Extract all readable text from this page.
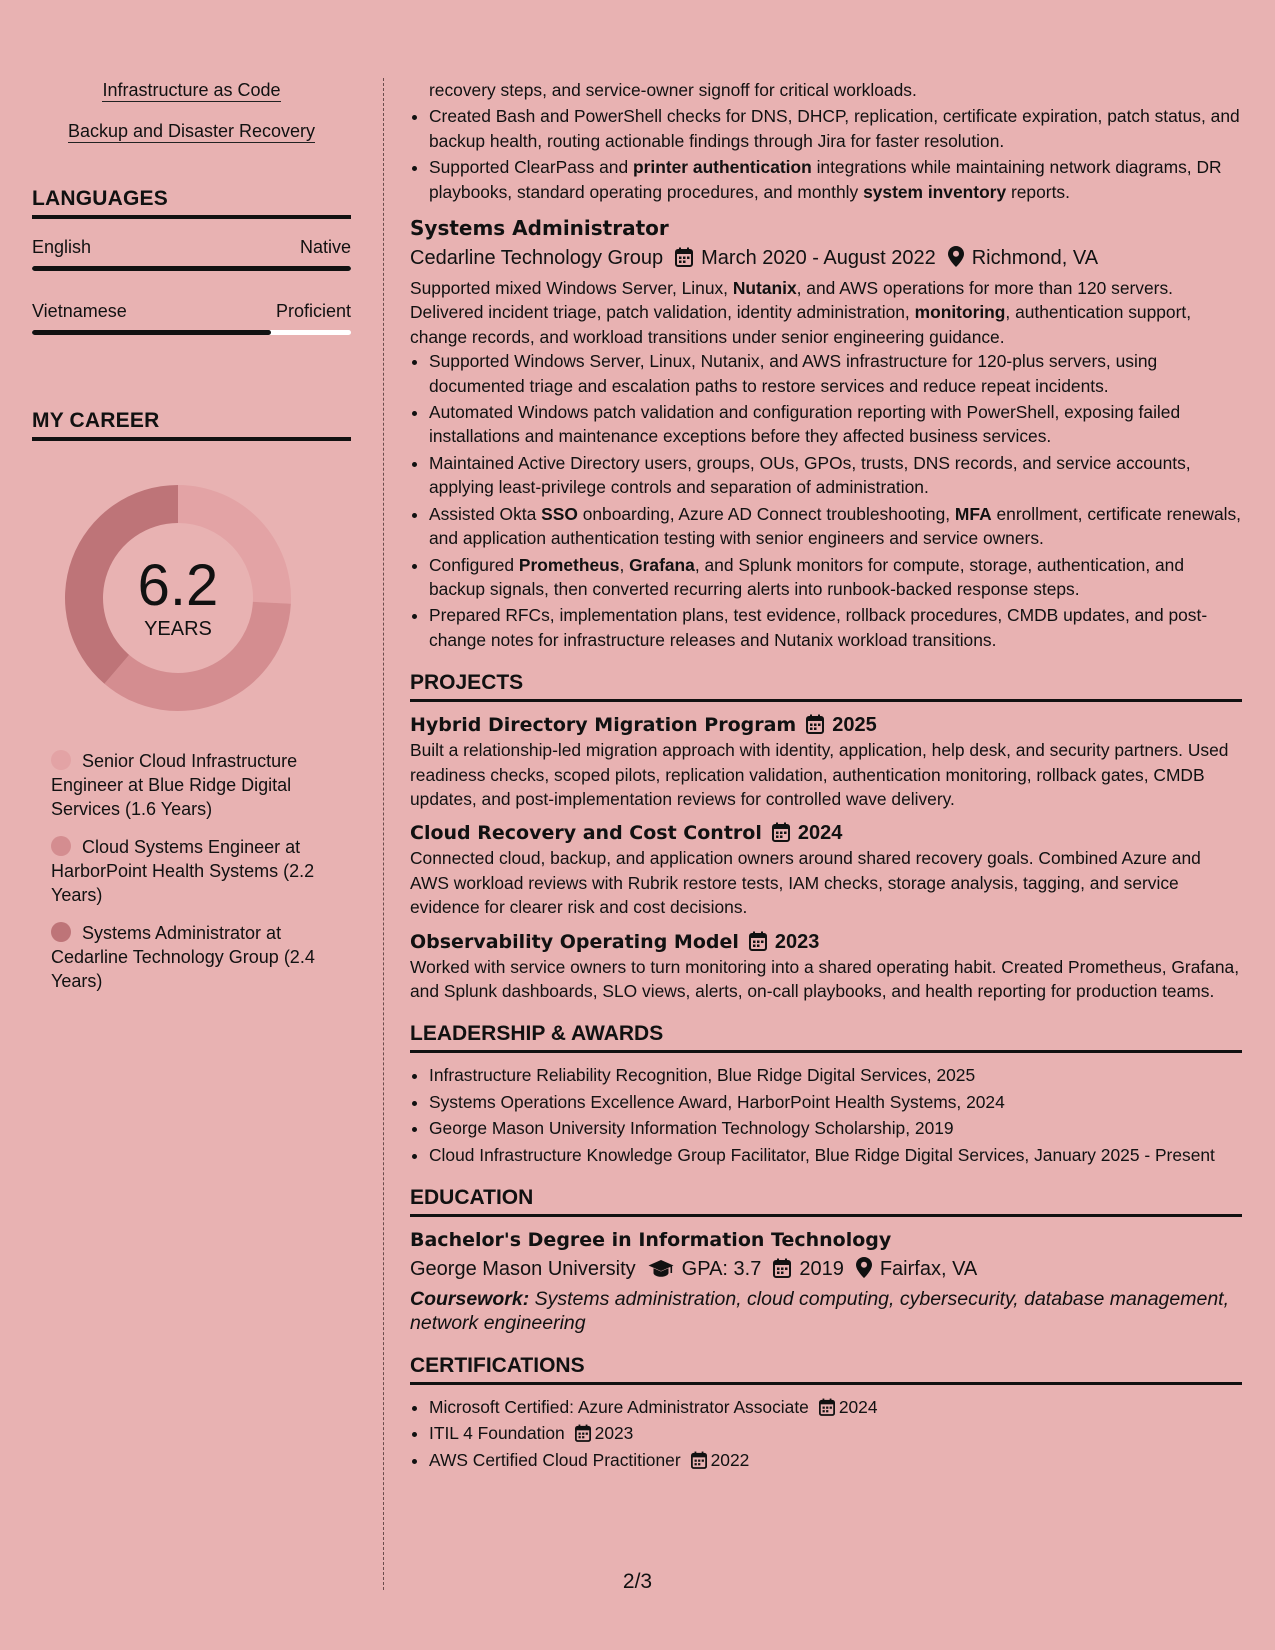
Infrastructure as Code
Backup and Disaster Recovery
LANGUAGES
English	Native
Vietnamese	Proficient
MY CAREER
6.2
YEARS
Senior Cloud Infrastructure Engineer at Blue Ridge Digital Services (1.6 Years)
Cloud Systems Engineer at HarborPoint Health Systems (2.2 Years)
Systems Administrator at Cedarline Technology Group (2.4 Years)
recovery steps, and service-owner signoff for critical workloads.
• Created Bash and PowerShell checks for DNS, DHCP, replication, certificate expiration, patch status, and backup health, routing actionable findings through Jira for faster resolution.
• Supported ClearPass and printer authentication integrations while maintaining network diagrams, DR playbooks, standard operating procedures, and monthly system inventory reports.
Systems Administrator
Cedarline Technology Group	March 2020 - August 2022	Richmond, VA

Supported mixed Windows Server, Linux, Nutanix, and AWS operations for more than 120 servers. Delivered incident triage, patch validation, identity administration, monitoring, authentication support, change records, and workload transitions under senior engineering guidance.

• Supported Windows Server, Linux, Nutanix, and AWS infrastructure for 120-plus servers, using documented triage and escalation paths to restore services and reduce repeat incidents.
• Automated Windows patch validation and configuration reporting with PowerShell, exposing failed installations and maintenance exceptions before they affected business services.
• Maintained Active Directory users, groups, OUs, GPOs, trusts, DNS records, and service accounts, applying least-privilege controls and separation of administration.
• Assisted Okta SSO onboarding, Azure AD Connect troubleshooting, MFA enrollment, certificate renewals, and application authentication testing with senior engineers and service owners.
• Configured Prometheus, Grafana, and Splunk monitors for compute, storage, authentication, and backup signals, then converted recurring alerts into runbook-backed response steps.
• Prepared RFCs, implementation plans, test evidence, rollback procedures, CMDB updates, and post-change notes for infrastructure releases and Nutanix workload transitions.
PROJECTS
Hybrid Directory Migration Program	2025

Built a relationship-led migration approach with identity, application, help desk, and security partners. Used readiness checks, scoped pilots, replication validation, authentication monitoring, rollback gates, CMDB updates, and post-implementation reviews for controlled wave delivery.

Cloud Recovery and Cost Control	2024

Connected cloud, backup, and application owners around shared recovery goals. Combined Azure and AWS workload reviews with Rubrik restore tests, IAM checks, storage analysis, tagging, and service evidence for clearer risk and cost decisions.

Observability Operating Model	2023

Worked with service owners to turn monitoring into a shared operating habit. Created Prometheus, Grafana, and Splunk dashboards, SLO views, alerts, on-call playbooks, and health reporting for production teams.

LEADERSHIP & AWARDS
• Infrastructure Reliability Recognition, Blue Ridge Digital Services, 2025
• Systems Operations Excellence Award, HarborPoint Health Systems, 2024
• George Mason University Information Technology Scholarship, 2019
• Cloud Infrastructure Knowledge Group Facilitator, Blue Ridge Digital Services, January 2025 - Present
EDUCATION
Bachelor's Degree in Information Technology
George Mason University	GPA: 3.7	2019	Fairfax, VA
Coursework: Systems administration, cloud computing, cybersecurity, database management, network engineering
CERTIFICATIONS
• Microsoft Certified: Azure Administrator Associate 2024
• ITIL 4 Foundation 2023
• AWS Certified Cloud Practitioner 2022
2/3
